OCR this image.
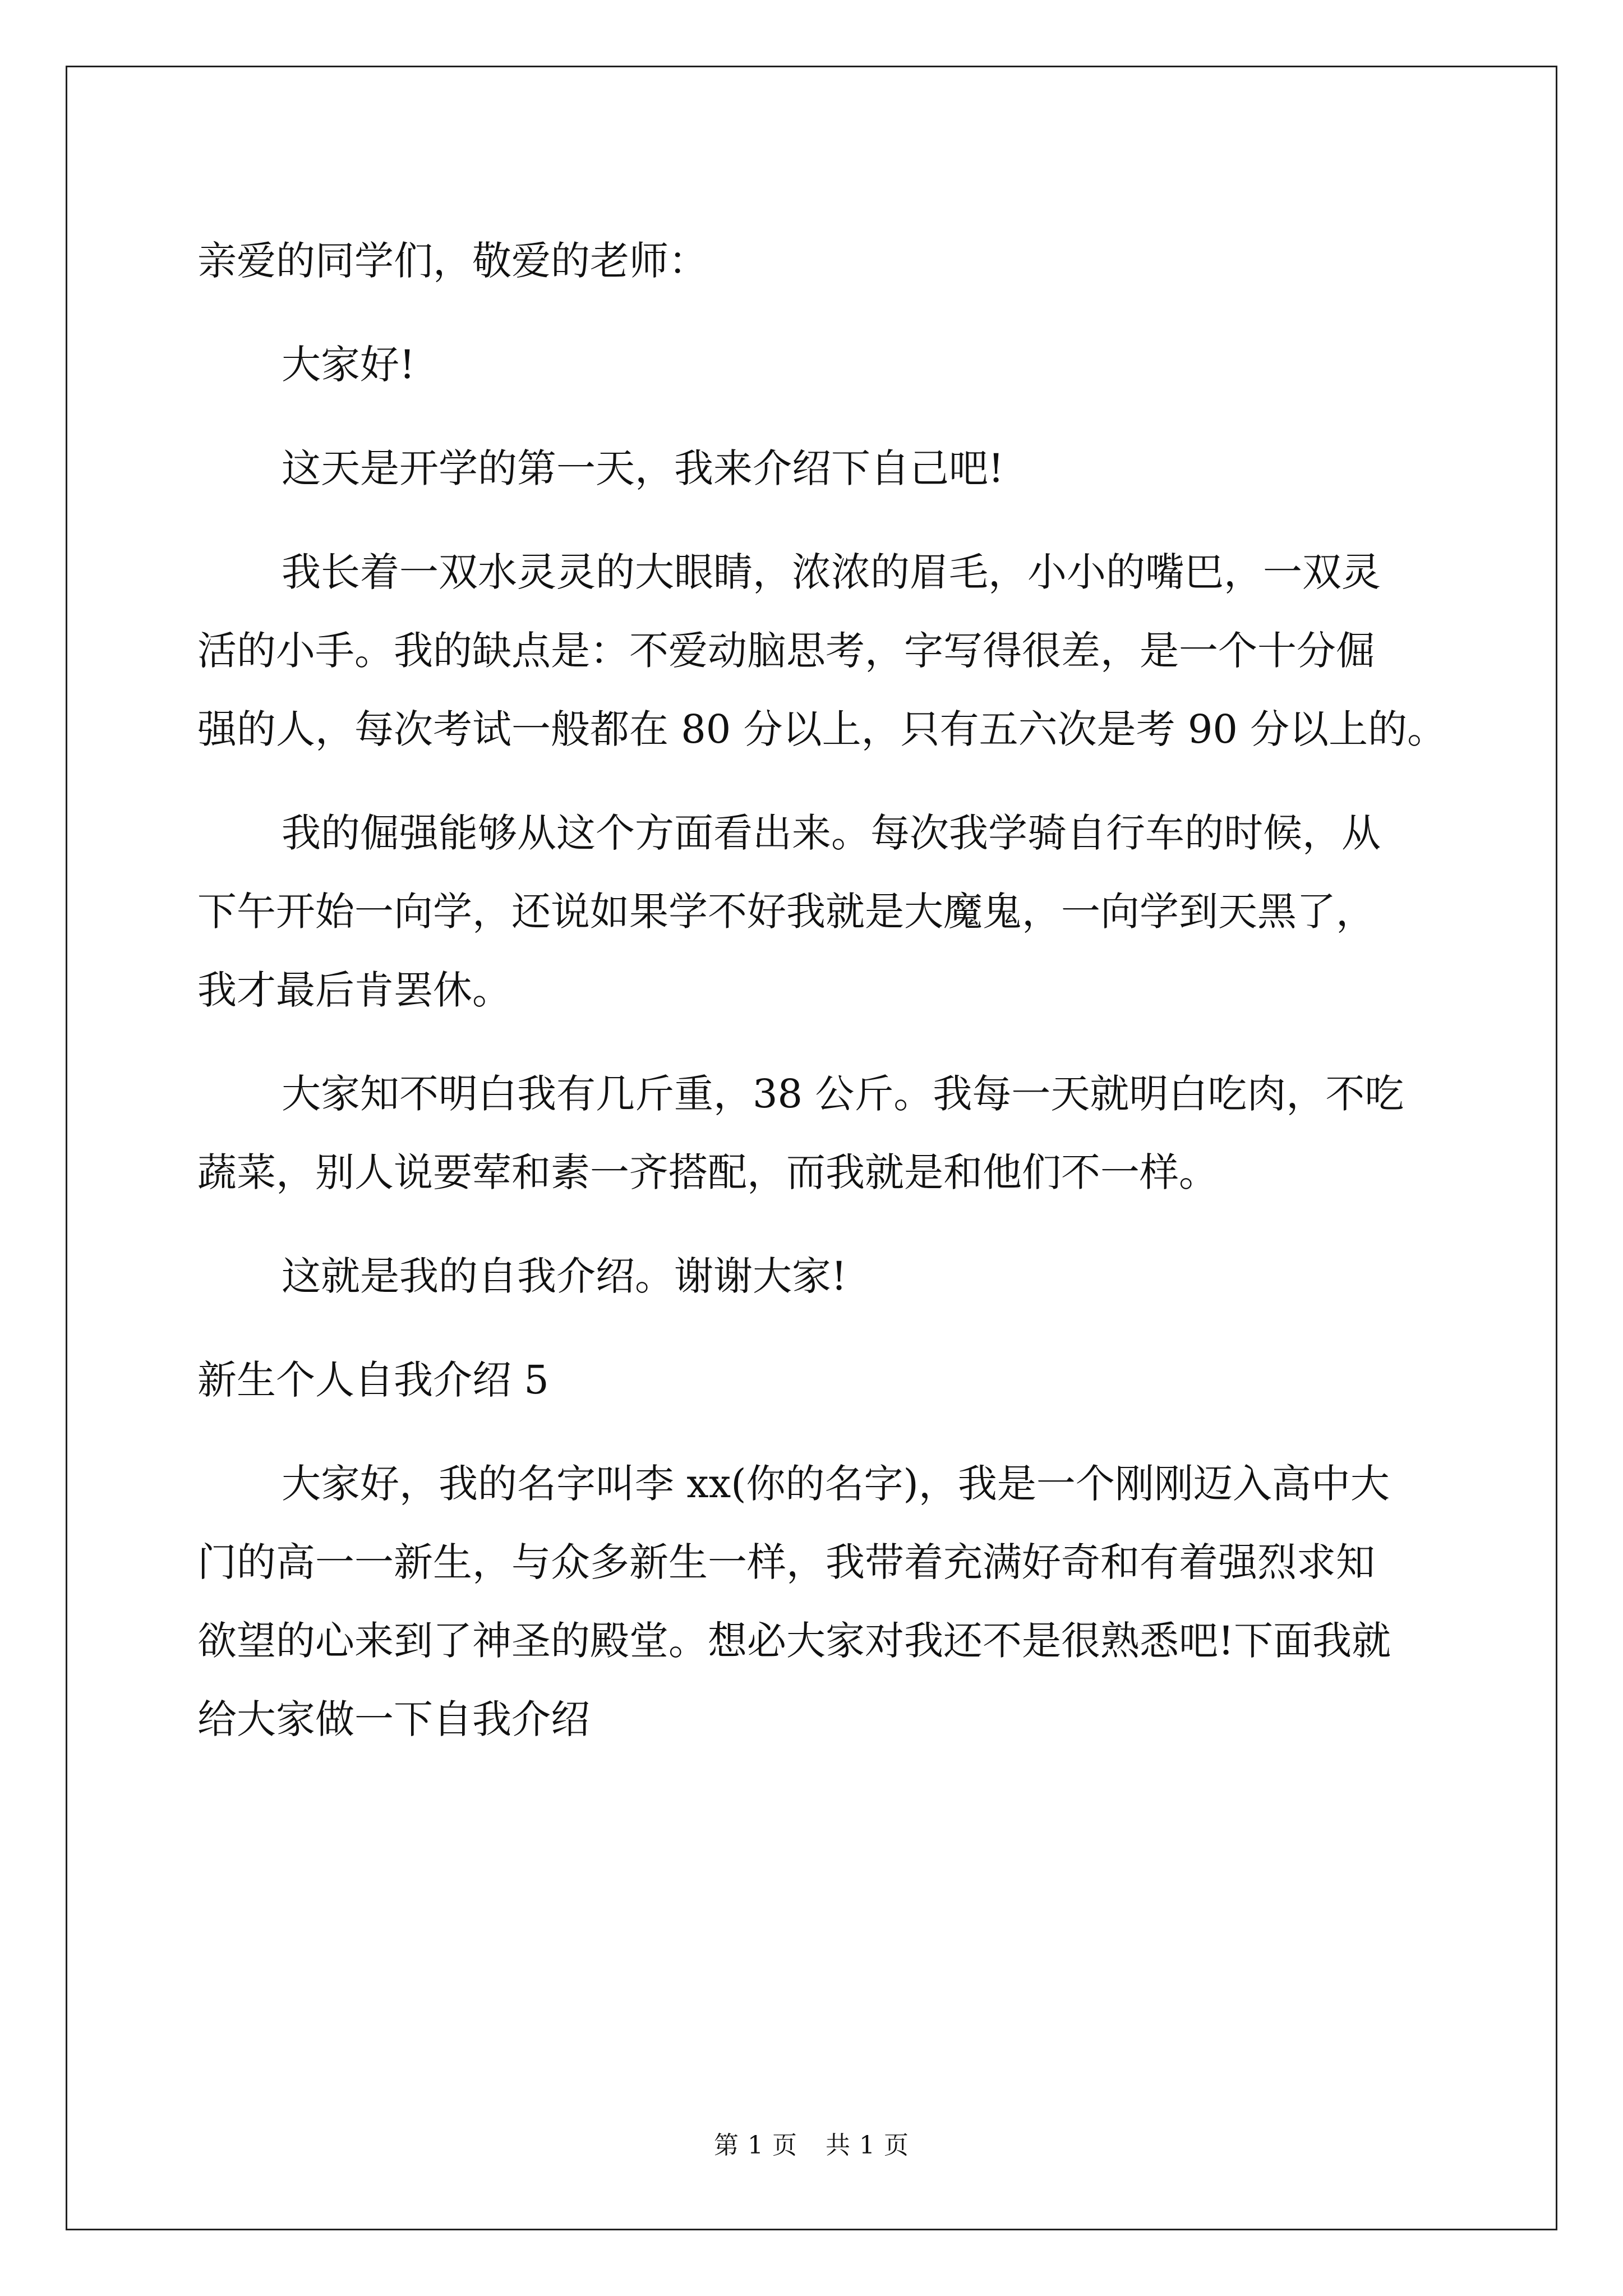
亲爱的同学们，敬爱的老师：
大家好!
这天是开学的第一天，我来介绍下自己吧!
我长着一双水灵灵的大眼睛，浓浓的眉毛，小小的嘴巴，一双灵
活的小手。我的缺点是：不爱动脑思考，字写得很差，是一个十分倔
强的人，每次考试一般都在 80 分以上，只有五六次是考 90 分以上的。
我的倔强能够从这个方面看出来。每次我学骑自行车的时候，从
下午开始一向学，还说如果学不好我就是大魔鬼，一向学到天黑了，
我才最后肯罢休。
大家知不明白我有几斤重，38 公斤。我每一天就明白吃肉，不吃
蔬菜，别人说要荤和素一齐搭配，而我就是和他们不一样。
这就是我的自我介绍。谢谢大家!
新生个人自我介绍 5
大家好，我的名字叫李 xx(你的名字)，我是一个刚刚迈入高中大
门的高一一新生，与众多新生一样，我带着充满好奇和有着强烈求知
欲望的心来到了神圣的殿堂。想必大家对我还不是很熟悉吧!下面我就
给大家做一下自我介绍
第 1 页 共 1 页
